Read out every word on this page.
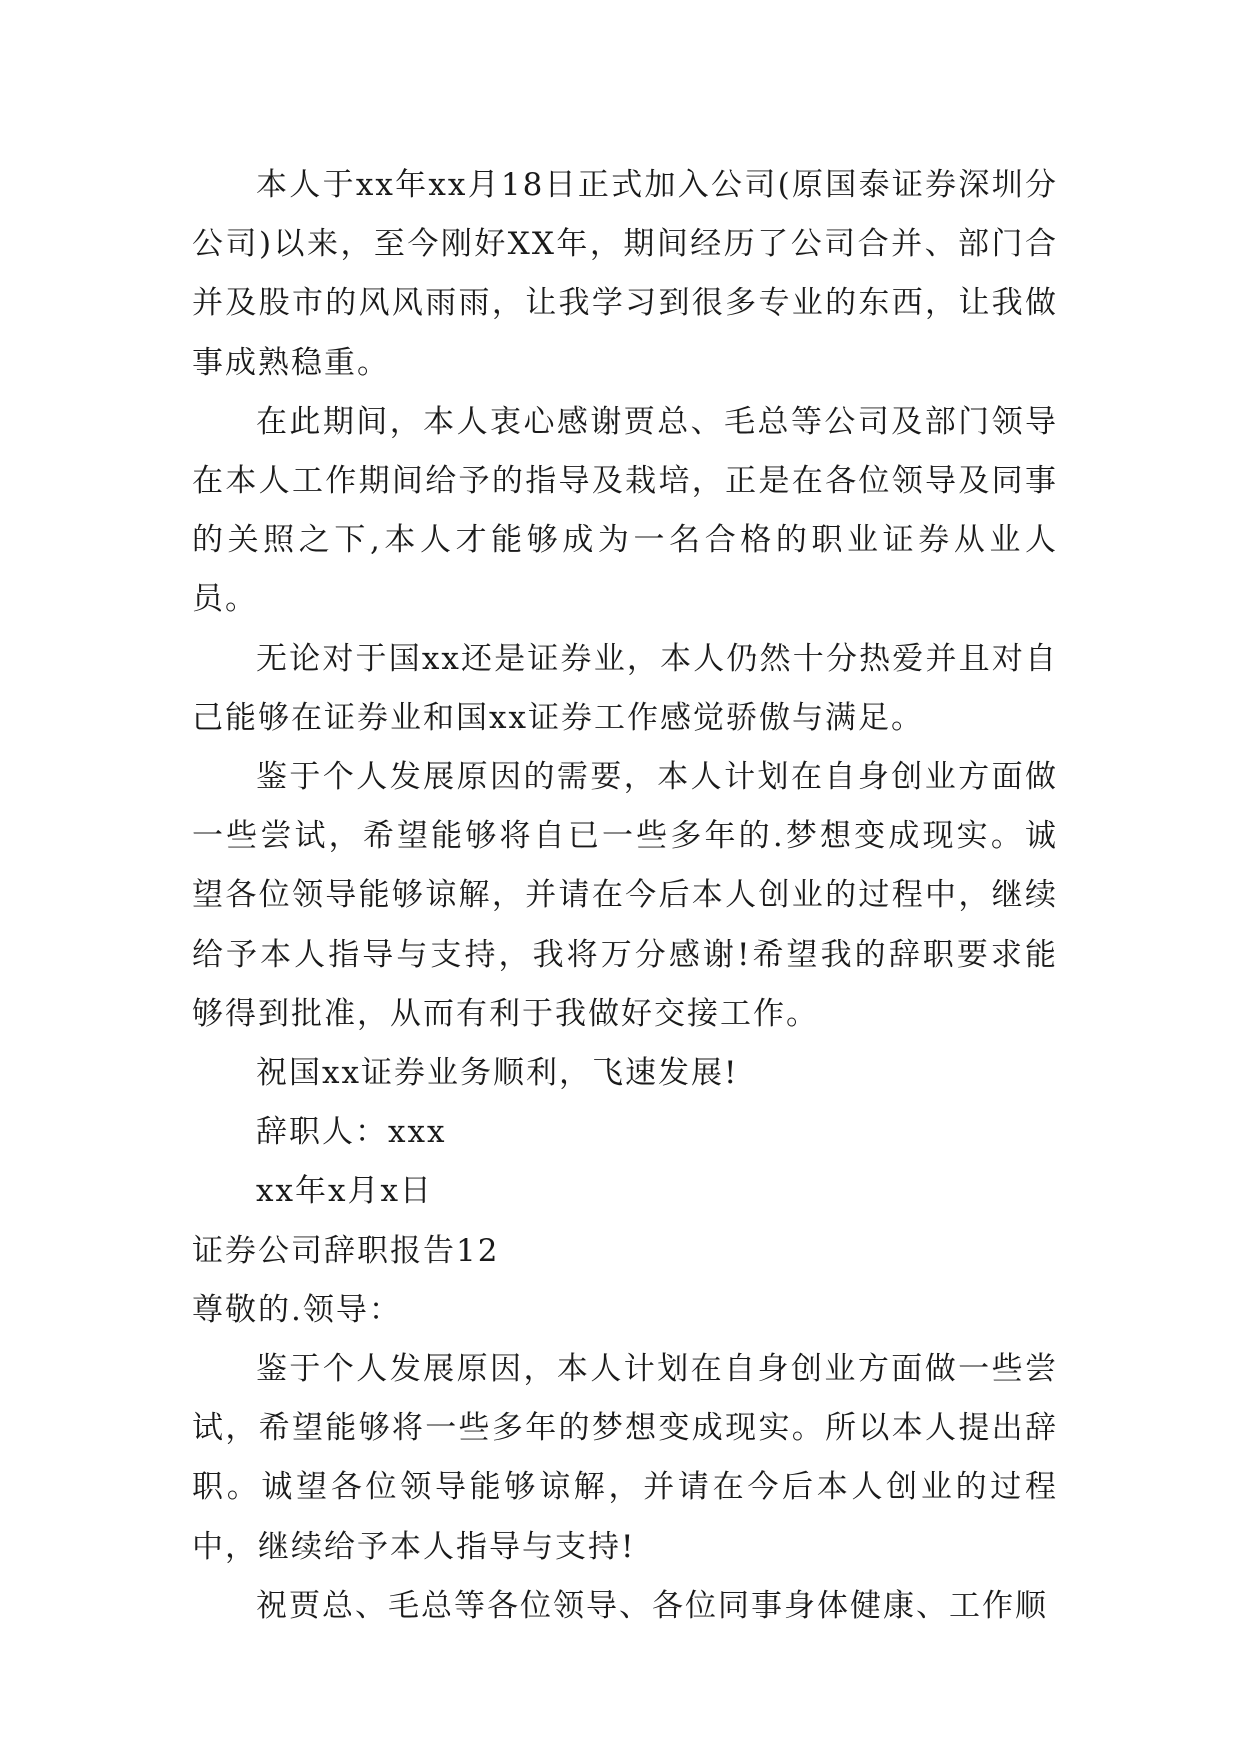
本人于xx年xx月18日正式加入公司(原国泰证券深圳分公司)以来，至今刚好XX年，期间经历了公司合并、部门合并及股市的风风雨雨，让我学习到很多专业的东西，让我做事成熟稳重。

在此期间，本人衷心感谢贾总、毛总等公司及部门领导在本人工作期间给予的指导及栽培，正是在各位领导及同事的关照之下,本人才能够成为一名合格的职业证券从业人员。

无论对于国xx还是证券业，本人仍然十分热爱并且对自己能够在证券业和国xx证券工作感觉骄傲与满足。

鉴于个人发展原因的需要，本人计划在自身创业方面做一些尝试，希望能够将自已一些多年的.梦想变成现实。诚望各位领导能够谅解，并请在今后本人创业的过程中，继续给予本人指导与支持，我将万分感谢!希望我的辞职要求能够得到批准，从而有利于我做好交接工作。

祝国xx证券业务顺利，飞速发展!

辞职人：xxx

xx年x月x日

证券公司辞职报告12

尊敬的.领导：

鉴于个人发展原因，本人计划在自身创业方面做一些尝试，希望能够将一些多年的梦想变成现实。所以本人提出辞职。诚望各位领导能够谅解，并请在今后本人创业的过程中，继续给予本人指导与支持!

祝贾总、毛总等各位领导、各位同事身体健康、工作顺
